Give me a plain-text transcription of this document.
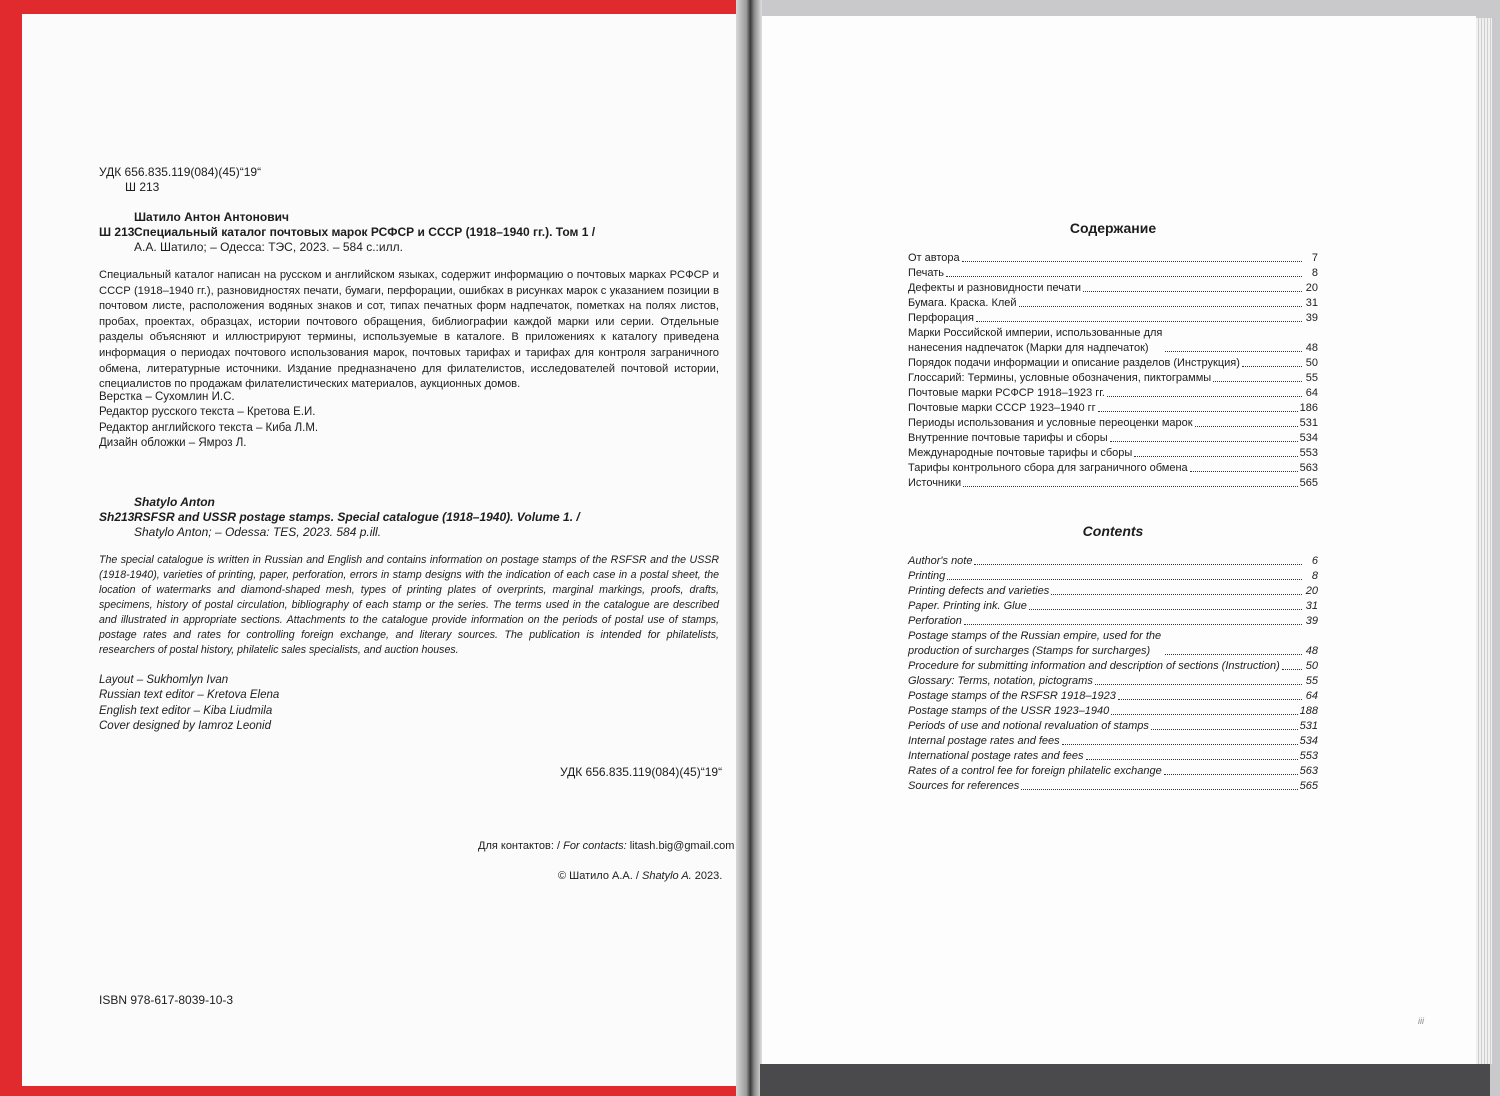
УДК 656.835.119(084)(45)“19“
Ш 213
Шатило Антон Антонович
Ш 213 Специальный каталог почтовых марок РСФСР и СССР (1918–1940 гг.). Том 1 /
А.А. Шатило; – Одесса: ТЭС, 2023. – 584 с.:илл.
Специальный каталог написан на русском и английском языках, содержит информацию о почтовых марках РСФСР и СССР (1918–1940 гг.), разновидностях печати, бумаги, перфорации, ошибках в рисунках марок с указанием позиции в почтовом листе, расположения водяных знаков и сот, типах печатных форм надпечаток, пометках на полях листов, пробах, проектах, образцах, истории почтового обращения, библиографии каждой марки или серии. Отдельные разделы объясняют и иллюстрируют термины, используемые в каталоге. В приложениях к каталогу приведена информация о периодах почтового использования марок, почтовых тарифах и тарифах для контроля заграничного обмена, литературные источники. Издание предназначено для филателистов, исследователей почтовой истории, специалистов по продажам филателистических материалов, аукционных домов.
Верстка – Сухомлин И.С.
Редактор русского текста – Кретова Е.И.
Редактор английского текста – Киба Л.М.
Дизайн обложки – Ямроз Л.
Shatylo Anton
Sh213 RSFSR and USSR postage stamps. Special catalogue (1918–1940). Volume 1. /
Shatylo Anton; – Odessa: TES, 2023. 584 p.ill.
The special catalogue is written in Russian and English and contains information on postage stamps of the RSFSR and the USSR (1918-1940), varieties of printing, paper, perforation, errors in stamp designs with the indication of each case in a postal sheet, the location of watermarks and diamond-shaped mesh, types of printing plates of overprints, marginal markings, proofs, drafts, specimens, history of postal circulation, bibliography of each stamp or the series. The terms used in the catalogue are described and illustrated in appropriate sections. Attachments to the catalogue provide information on the periods of postal use of stamps, postage rates and rates for controlling foreign exchange, and literary sources. The publication is intended for philatelists, researchers of postal history, philatelic sales specialists, and auction houses.
Layout – Sukhomlyn Ivan
Russian text editor – Kretova Elena
English text editor – Kiba Liudmila
Cover designed by Iamroz Leonid
УДК 656.835.119(084)(45)“19“
Для контактов: / For contacts: litash.big@gmail.com
© Шатило А.А. / Shatylo A. 2023.
ISBN 978-617-8039-10-3
Содержание
От автора	7
Печать	8
Дефекты и разновидности печати	20
Бумага. Краска. Клей	31
Перфорация	39
Марки Российской империи, использованные для нанесения надпечаток (Марки для надпечаток)	48
Порядок подачи информации и описание разделов (Инструкция)	50
Глоссарий: Термины, условные обозначения, пиктограммы	55
Почтовые марки РСФСР 1918–1923 гг.	64
Почтовые марки СССР 1923–1940 гг	186
Периоды использования и условные переоценки марок	531
Внутренние почтовые тарифы и сборы	534
Международные почтовые тарифы и сборы	553
Тарифы контрольного сбора для заграничного обмена	563
Источники	565
Contents
Author's note	6
Printing	8
Printing defects and varieties	20
Paper. Printing ink. Glue	31
Perforation	39
Postage stamps of the Russian empire, used for the production of surcharges (Stamps for surcharges)	48
Procedure for submitting information and description of sections (Instruction) 50
Glossary: Terms, notation, pictograms	55
Postage stamps of the RSFSR 1918–1923	64
Postage stamps of the USSR 1923–1940	188
Periods of use and notional revaluation of stamps	531
Internal postage rates and fees	534
International postage rates and fees	553
Rates of a control fee for foreign philatelic exchange	563
Sources for references	565
iii
